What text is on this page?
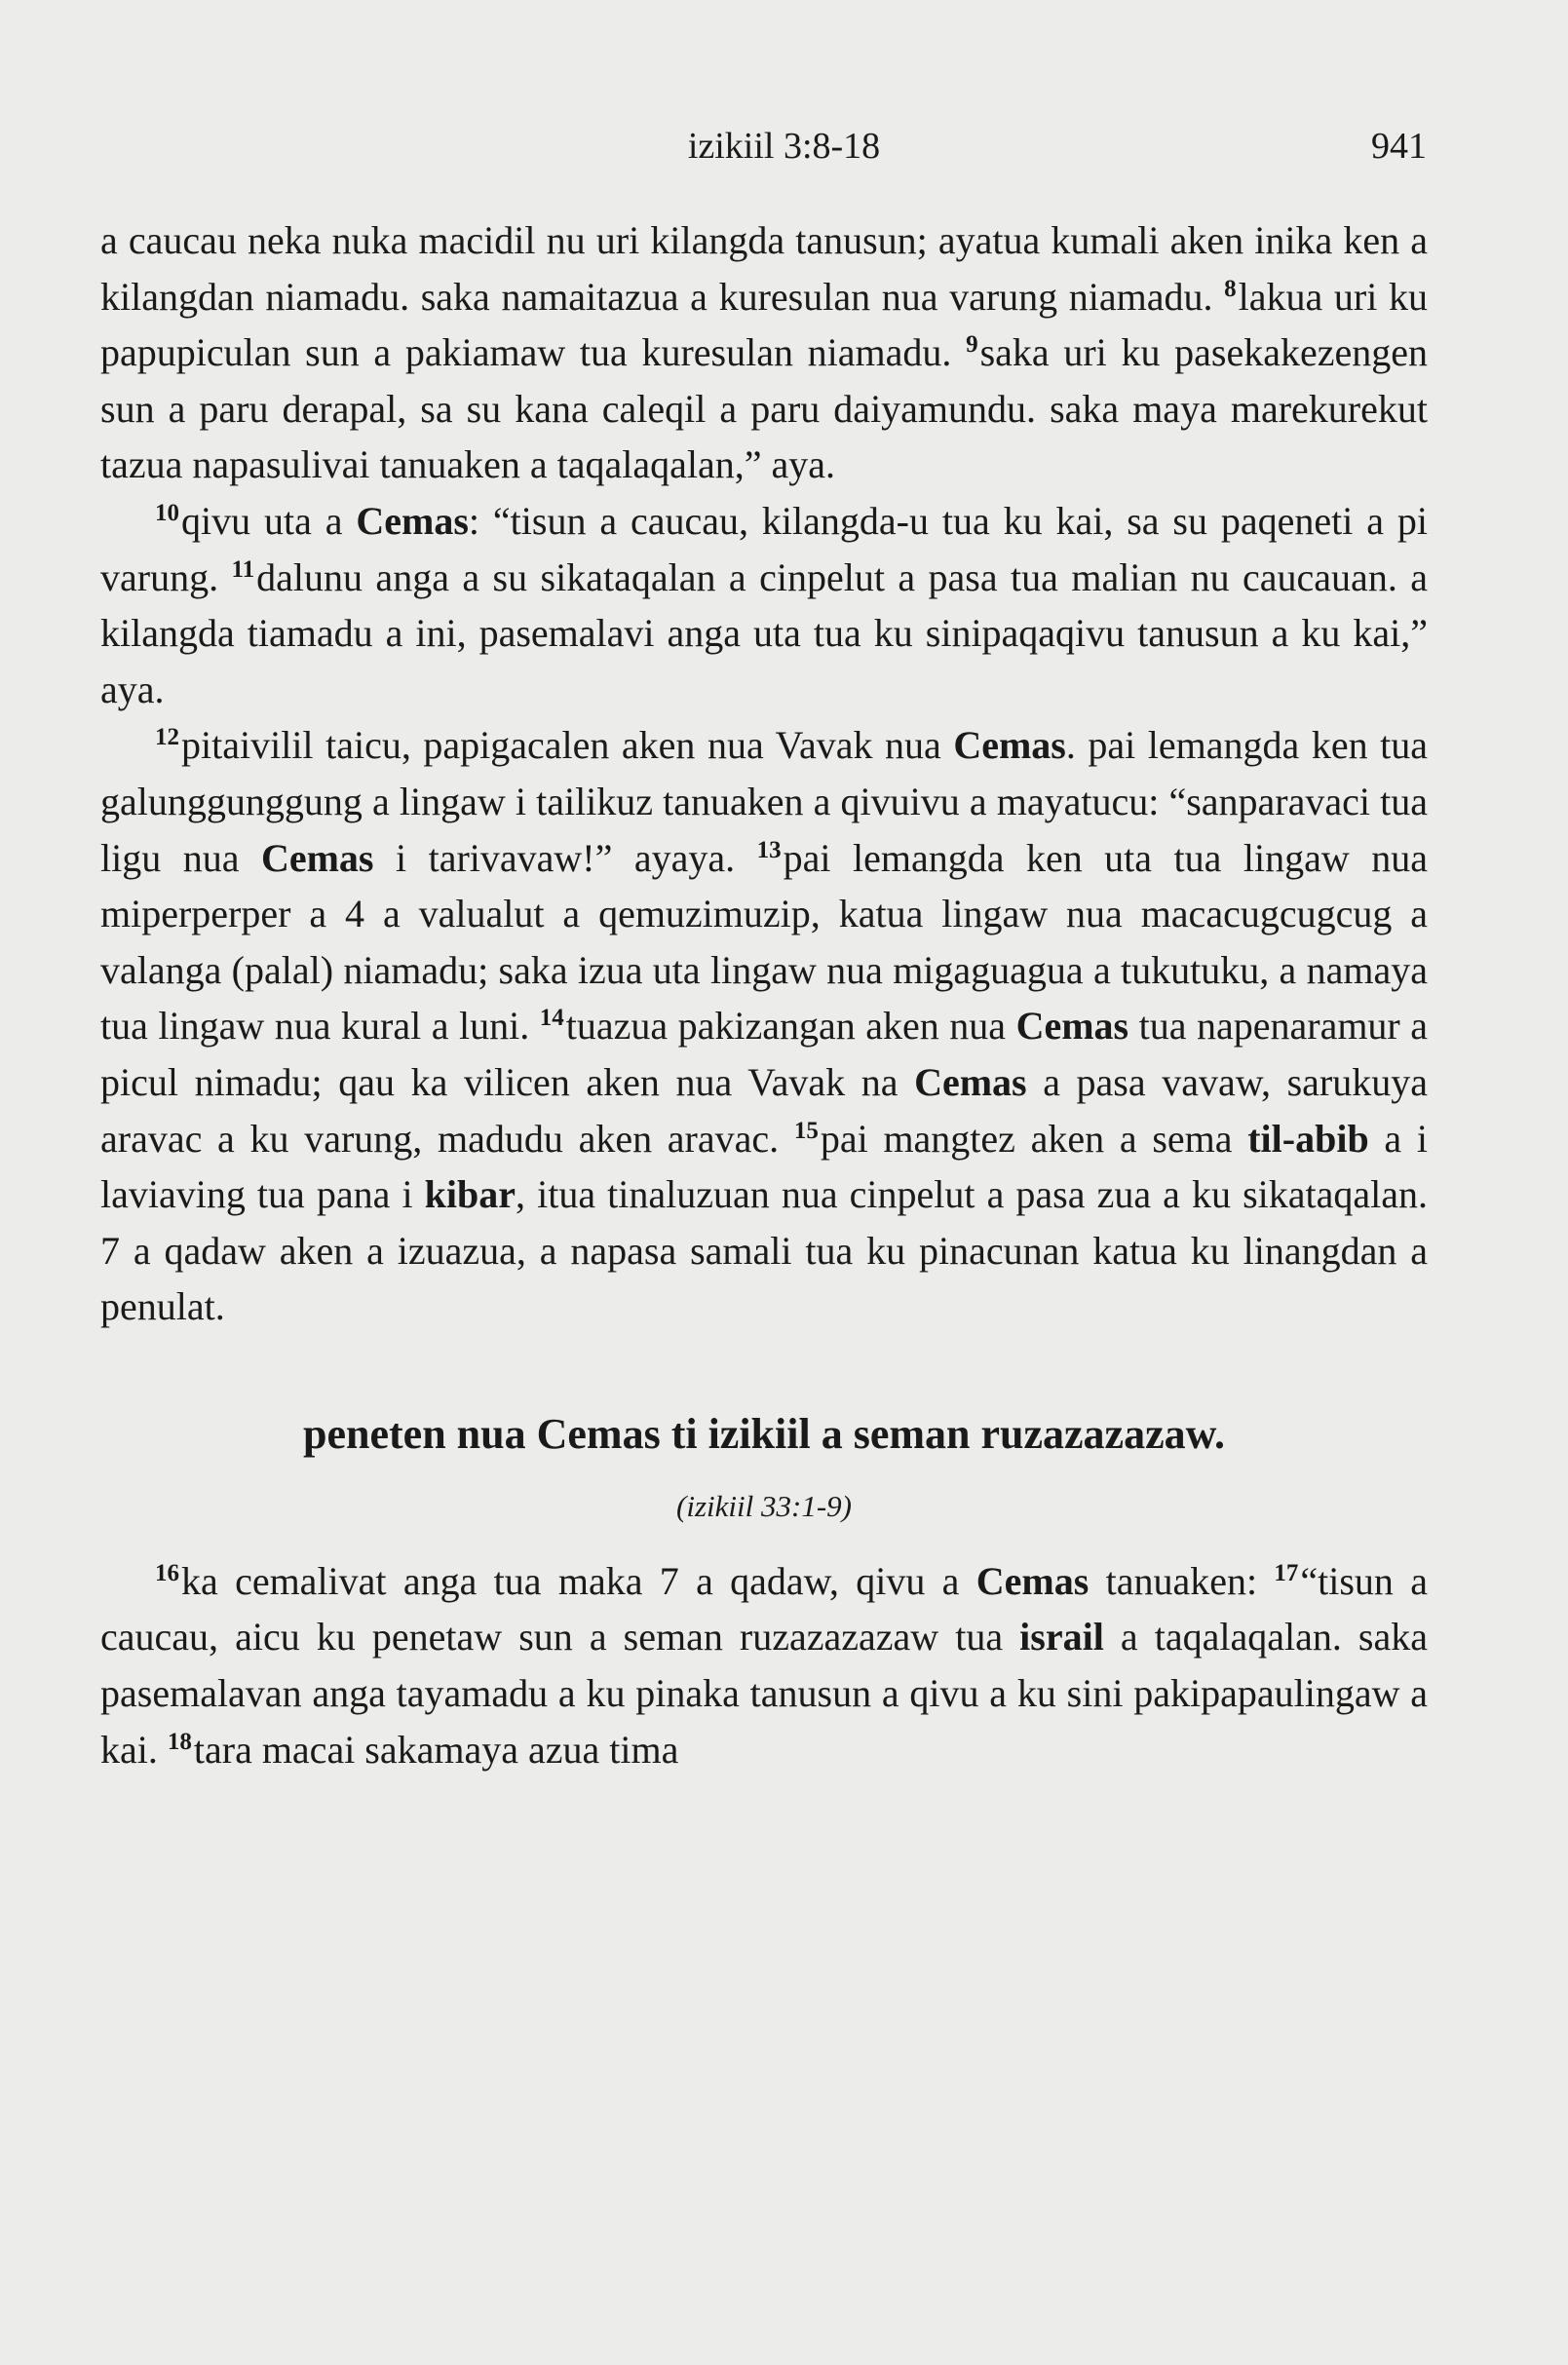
izikiil 3:8-18	941

a caucau neka nuka macidil nu uri kilangda tanusun; ayatua kumali aken inika ken a kilangdan niamadu. saka namaitazua a kuresulan nua varung niamadu. $^8$lakua uri ku papupiculan sun a pakiamaw tua kuresulan niamadu. $^9$saka uri ku pasekakezengen sun a paru derapal, sa su kana caleqil a paru daiyamundu. saka maya marekurekut tazua napasulivai tanuaken a taqalaqalan,” aya.

$^{10}$qivu uta a Cemas: “tisun a caucau, kilangda-u tua ku kai, sa su paqeneti a pi varung. $^{11}$dalunu anga a su sikataqalan a cinpelut a pasa tua malian nu caucauan. a kilangda tiamadu a ini, pasemalavi anga uta tua ku sinipaqaqivu tanusun a ku kai,” aya.

$^{12}$pitaivilil taicu, papigacalen aken nua Vavak nua Cemas. pai lemangda ken tua galunggunggung a lingaw i tailikuz tanuaken a qivuivu a mayatucu: “sanparavaci tua ligu nua Cemas i tarivavaw!” ayaya. $^{13}$pai lemangda ken uta tua lingaw nua miperperper a 4 a valualut a qemuzimuzip, katua lingaw nua macacugcugcug a valanga (palal) niamadu; saka izua uta lingaw nua migaguagua a tukutuku, a namaya tua lingaw nua kural a luni. $^{14}$tuazua pakizangan aken nua Cemas tua napenaramur a picul nimadu; qau ka vilicen aken nua Vavak na Cemas a pasa vavaw, sarukuya aravac a ku varung, madudu aken aravac. $^{15}$pai mangtez aken a sema til-abib a i laviaving tua pana i kibar, itua tinaluzuan nua cinpelut a pasa zua a ku sikataqalan. 7 a qadaw aken a izuazua, a napasa samali tua ku pinacunan katua ku linangdan a penulat.

peneten nua Cemas ti izikiil a seman ruzazazazaw.
(izikiil 33:1-9)

$^{16}$ka cemalivat anga tua maka 7 a qadaw, qivu a Cemas tanuaken: $^{17}$“tisun a caucau, aicu ku penetaw sun a seman ruzazazazaw tua israil a taqalaqalan. saka pasemalavan anga tayamadu a ku pinaka tanusun a qivu a ku sini pakipapaulingaw a kai. $^{18}$tara macai sakamaya azua tima
